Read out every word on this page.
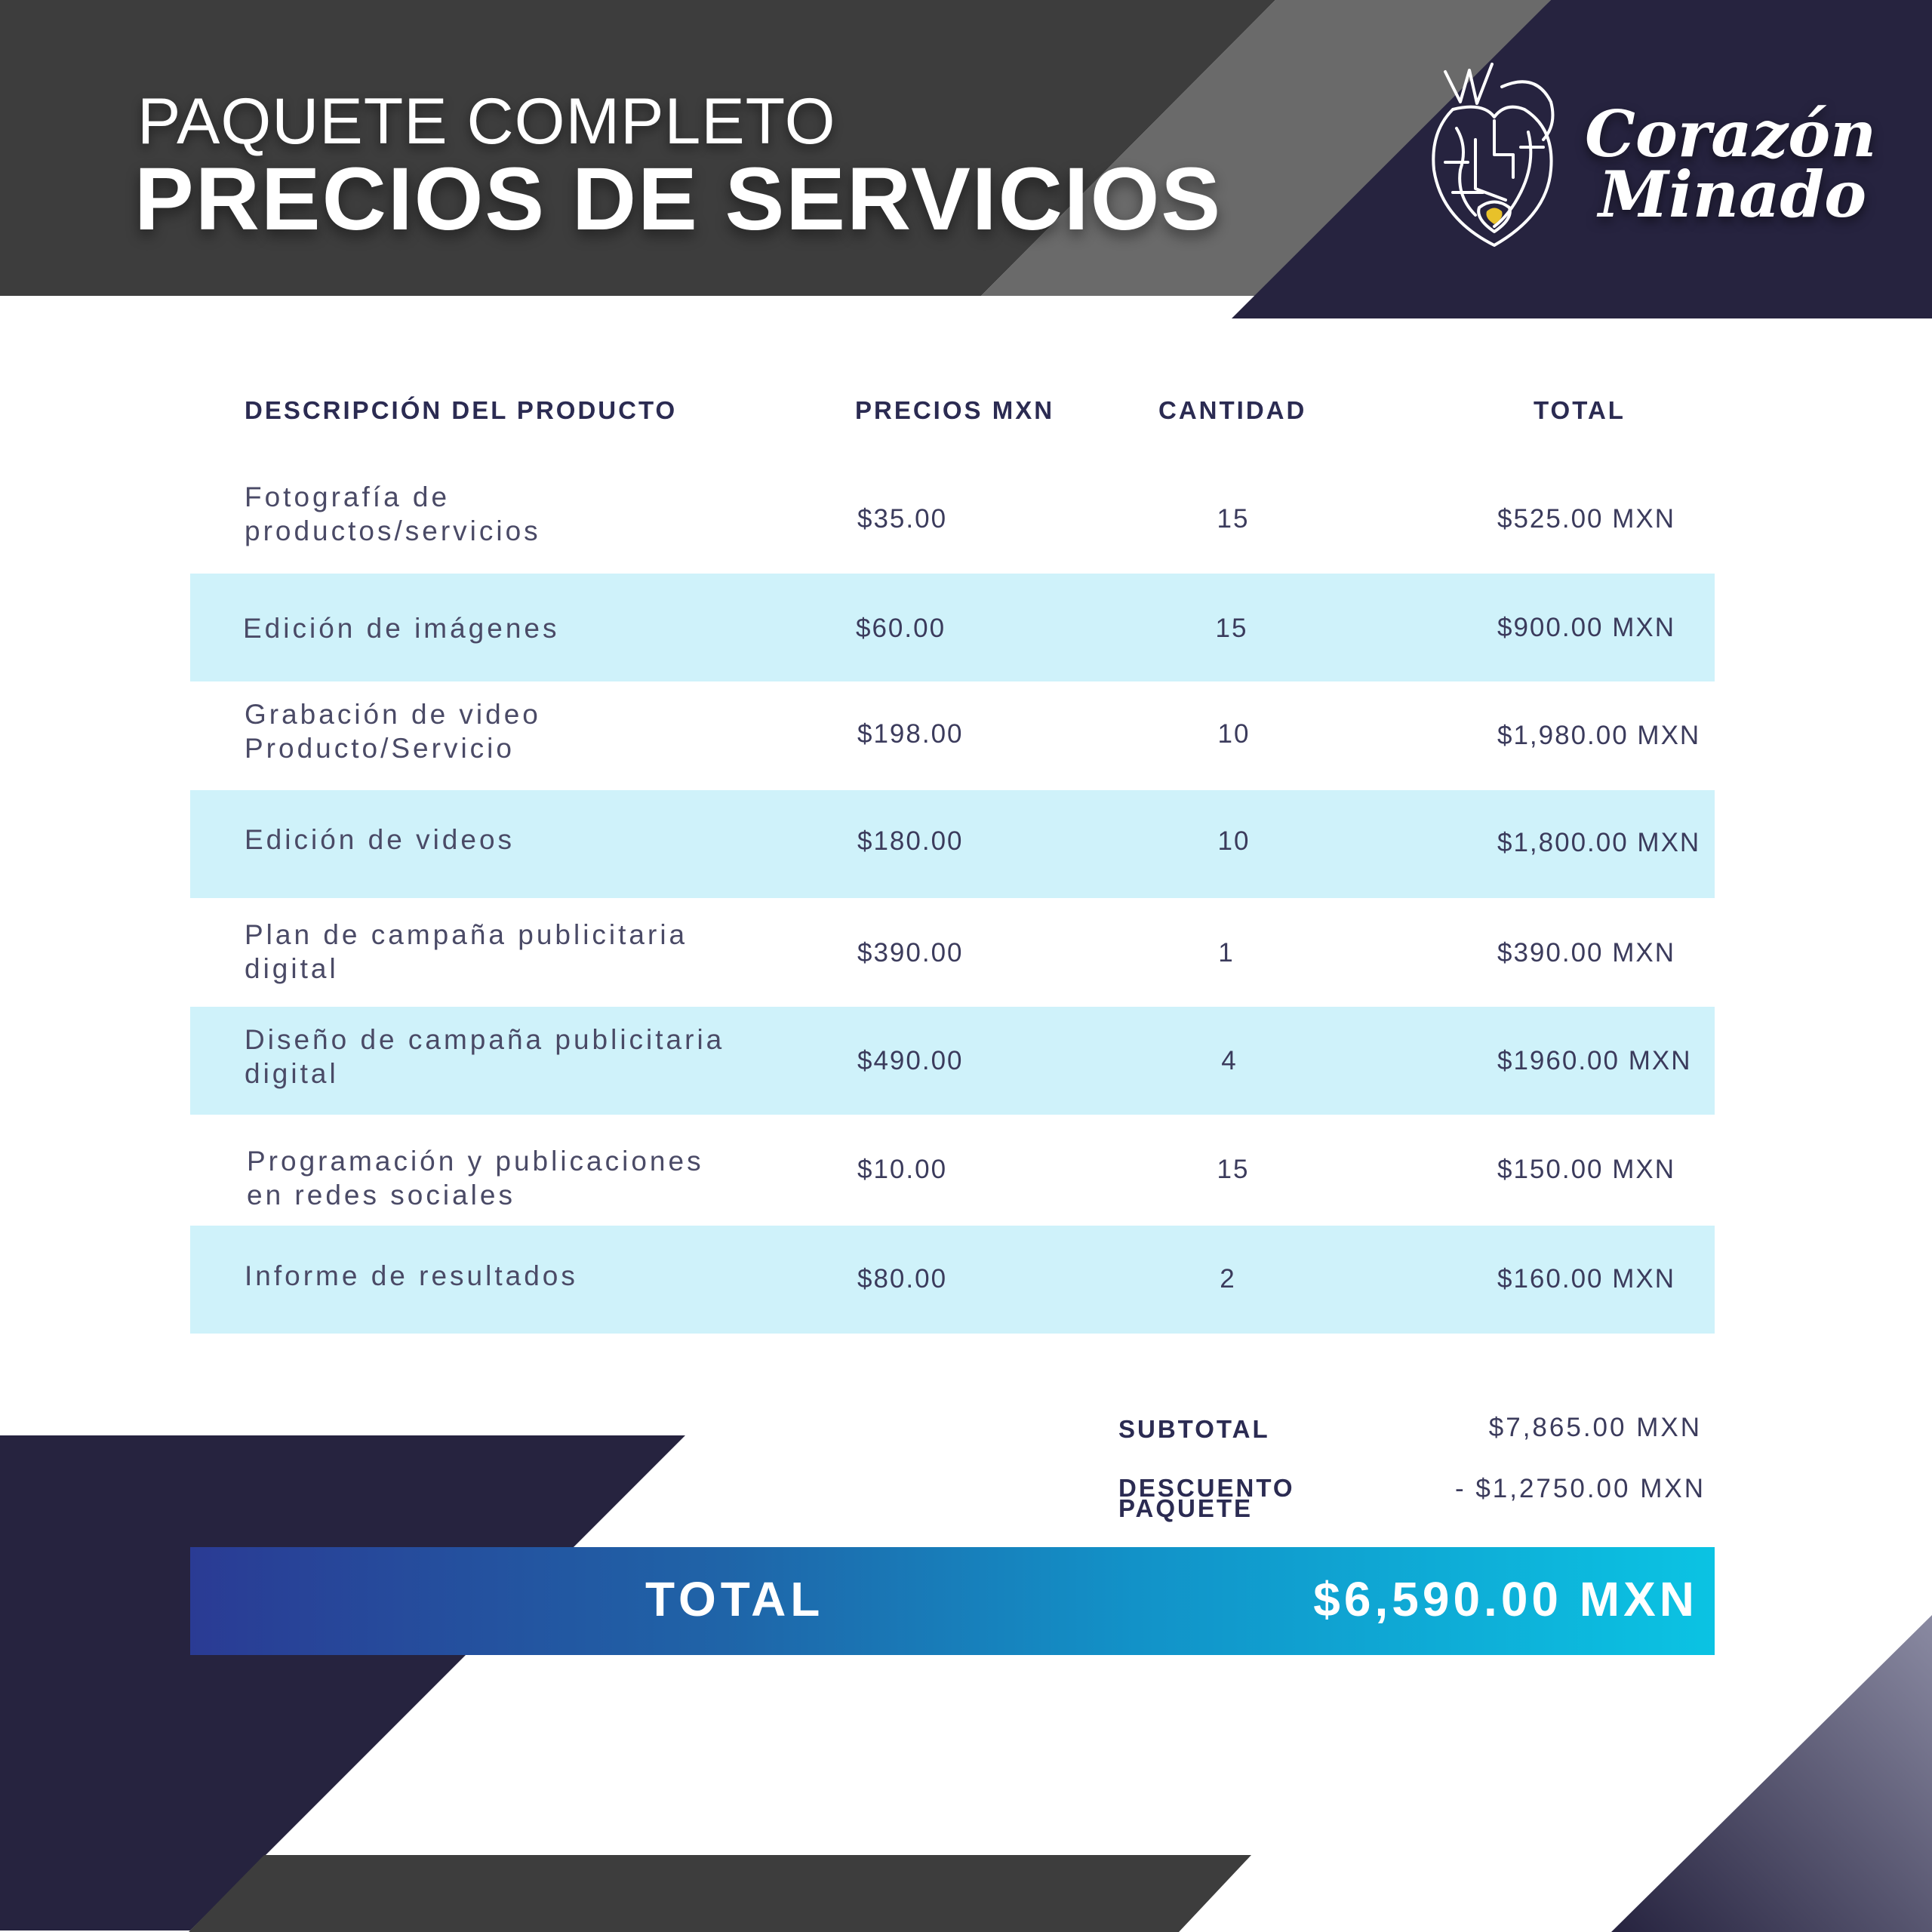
PAQUETE COMPLETO
PRECIOS DE SERVICIOS
Corazón
Minado
DESCRIPCIÓN DEL PRODUCTO	PRECIOS MXN	CANTIDAD	TOTAL
Fotografía de
productos/servicios	$35.00	15	$525.00 MXN
Edición de imágenes	$60.00	15	$900.00 MXN
Grabación de video
Producto/Servicio	$198.00	10	$1,980.00 MXN
Edición de videos	$180.00	10	$1,800.00 MXN
Plan de campaña publicitaria
digital
$390.00	1	$390.00 MXN
Diseño de campaña publicitaria
digital	$490.00	4	$1960.00 MXN
Programación y publicaciones
en redes sociales
$10.00	15	$150.00 MXN
Informe de resultados	$80.00	2	$160.00 MXN
SUBTOTAL	$7,865.00 MXN
DESCUENTO
PAQUETE
- $1,2750.00 MXN
TOTAL	$6,590.00 MXN
